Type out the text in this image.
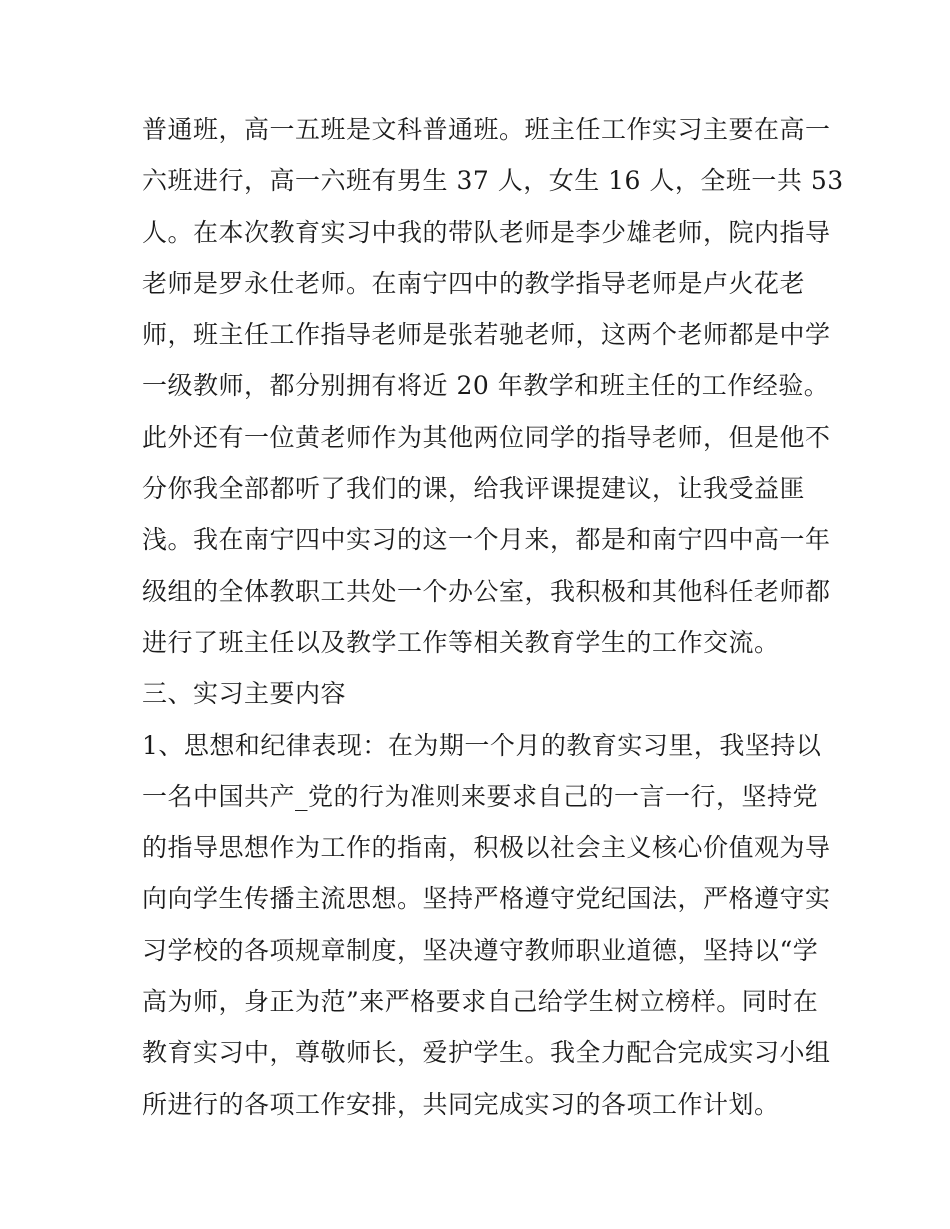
普通班，高一五班是文科普通班。班主任工作实习主要在高一
六班进行，高一六班有男生 37 人，女生 16 人，全班一共 53
人。在本次教育实习中我的带队老师是李少雄老师，院内指导
老师是罗永仕老师。在南宁四中的教学指导老师是卢火花老
师，班主任工作指导老师是张若驰老师，这两个老师都是中学
一级教师，都分别拥有将近 20 年教学和班主任的工作经验。
此外还有一位黄老师作为其他两位同学的指导老师，但是他不
分你我全部都听了我们的课，给我评课提建议，让我受益匪
浅。我在南宁四中实习的这一个月来，都是和南宁四中高一年
级组的全体教职工共处一个办公室，我积极和其他科任老师都
进行了班主任以及教学工作等相关教育学生的工作交流。
三、实习主要内容
1、思想和纪律表现：在为期一个月的教育实习里，我坚持以
一名中国共产_党的行为准则来要求自己的一言一行，坚持党
的指导思想作为工作的指南，积极以社会主义核心价值观为导
向向学生传播主流思想。坚持严格遵守党纪国法，严格遵守实
习学校的各项规章制度，坚决遵守教师职业道德，坚持以“学
高为师，身正为范”来严格要求自己给学生树立榜样。同时在
教育实习中，尊敬师长，爱护学生。我全力配合完成实习小组
所进行的各项工作安排，共同完成实习的各项工作计划。
